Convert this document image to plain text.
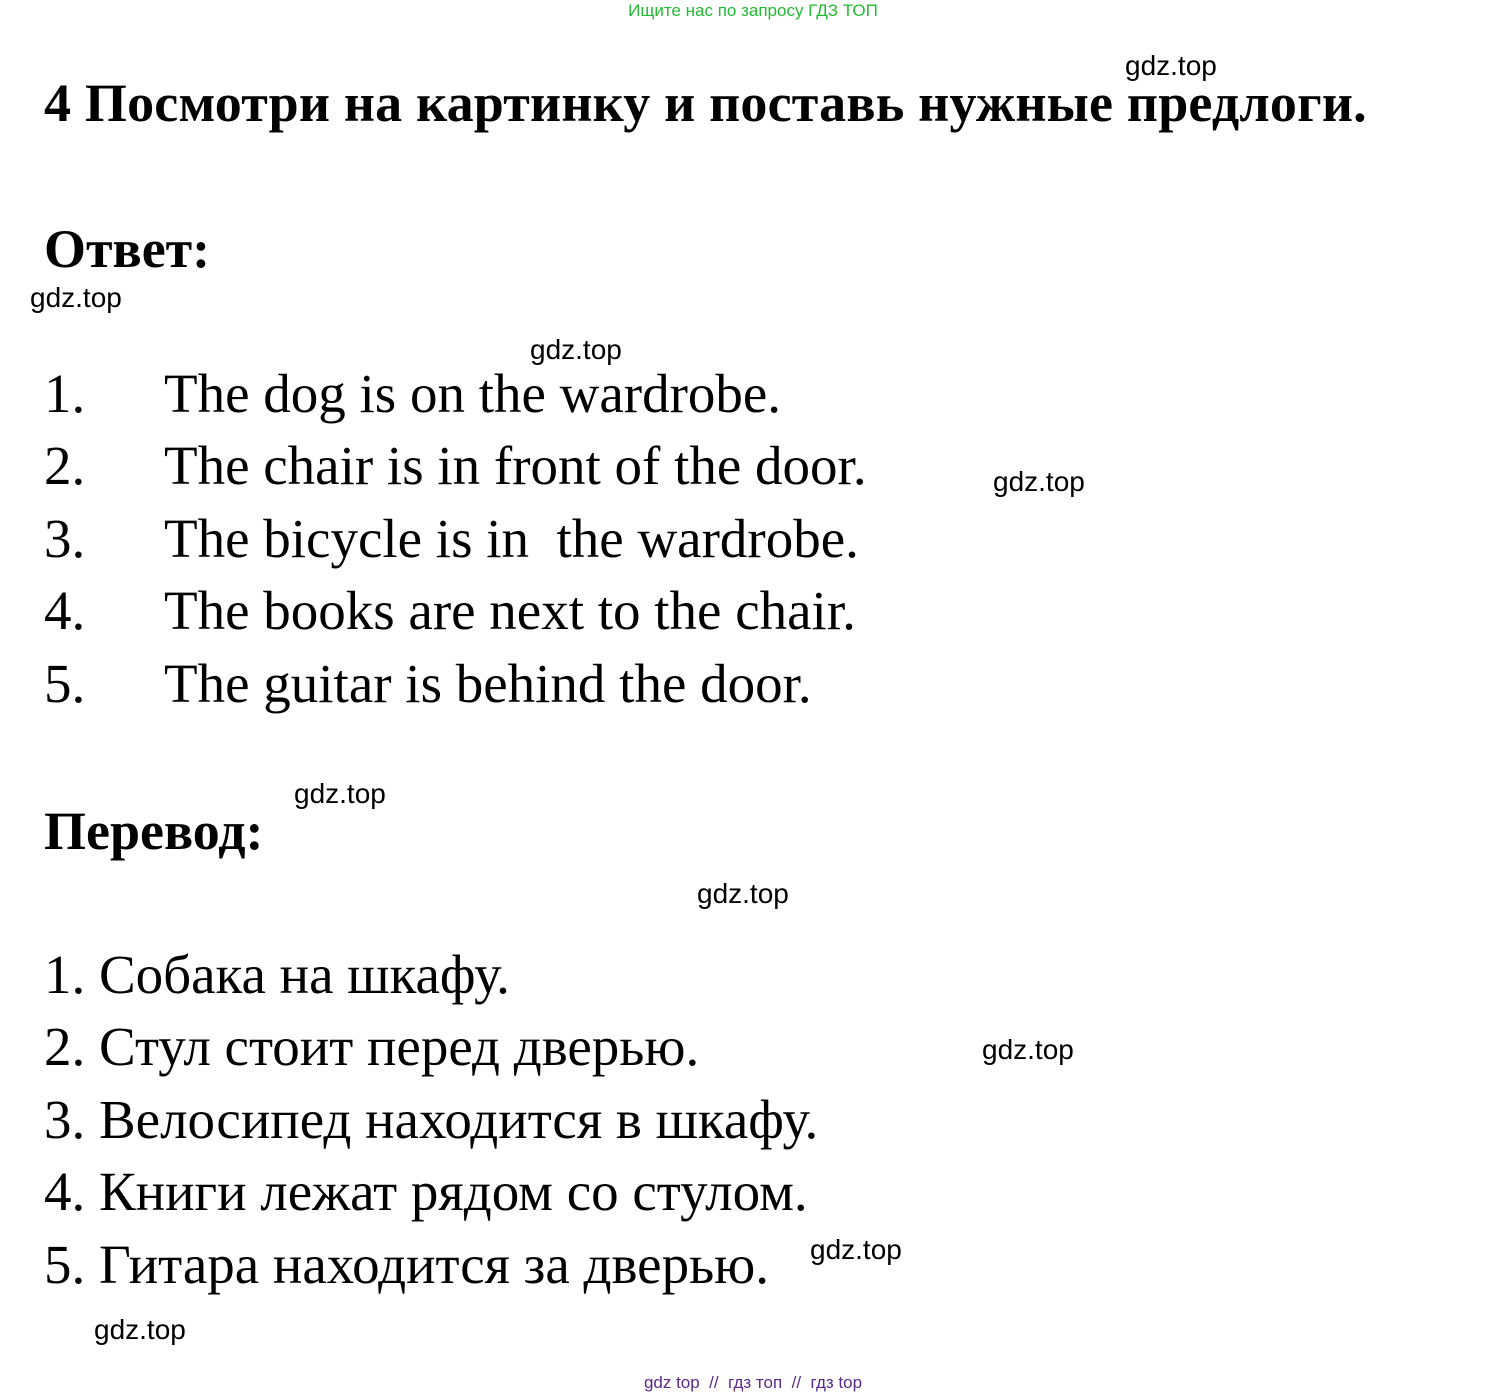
Ищите нас по запросу ГДЗ ТОП
gdz.top
4 Посмотри на картинку и поставь нужные предлоги.
Ответ:
gdz.top
gdz.top
1. The dog is on the wardrobe.
2. The chair is in front of the door.
3. The bicycle is in  the wardrobe.
4. The books are next to the chair.
5. The guitar is behind the door.
gdz.top
gdz.top
Перевод:
gdz.top
1. Собака на шкафу.
2. Стул стоит перед дверью.
3. Велосипед находится в шкафу.
4. Книги лежат рядом со стулом.
5. Гитара находится за дверью.
gdz.top
gdz.top
gdz.top
gdz top  //  гдз топ  //  гдз top
